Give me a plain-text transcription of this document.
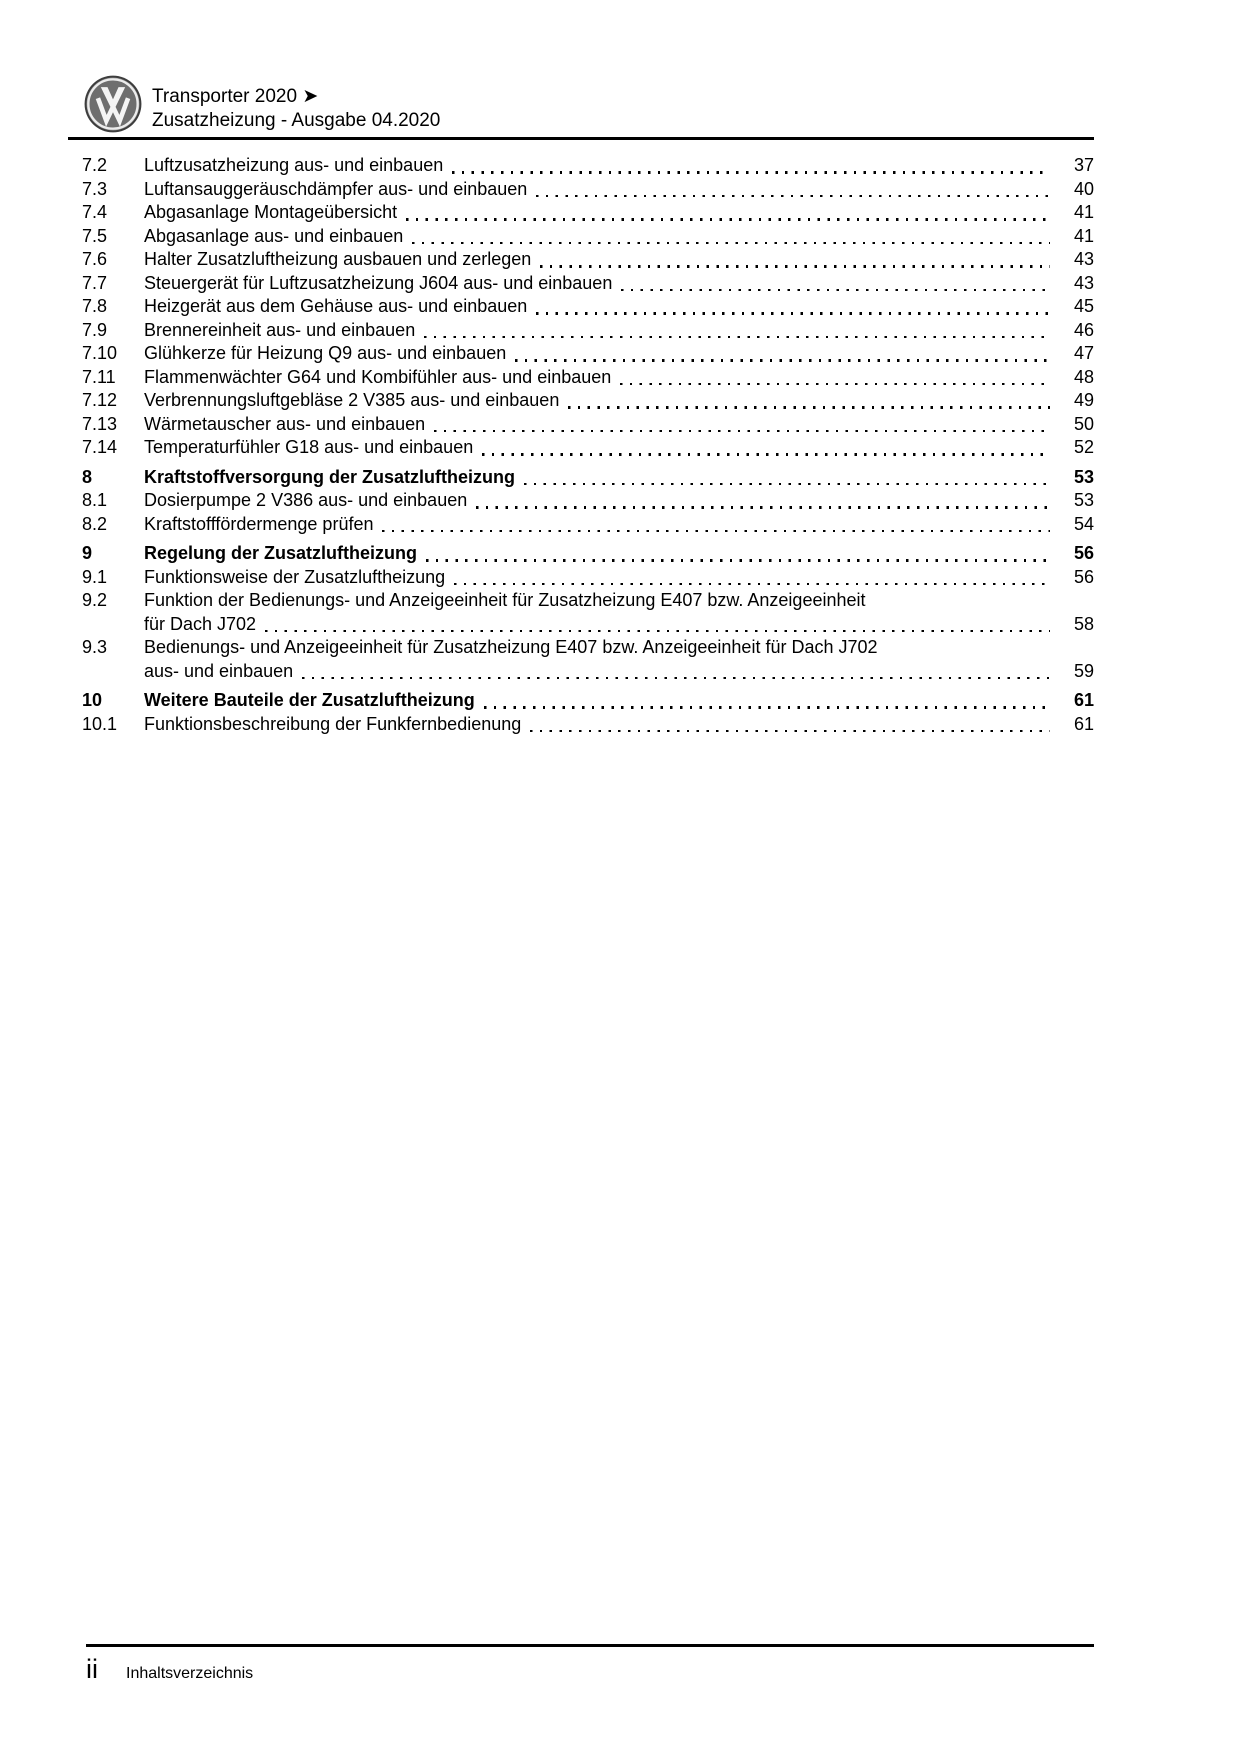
Transporter 2020 ➤
Zusatzheizung - Ausgabe 04.2020
7.2	Luftzusatzheizung aus- und einbauen	37
7.3	Luftansauggeräuschdämpfer aus- und einbauen	40
7.4	Abgasanlage Montageübersicht	41
7.5	Abgasanlage aus- und einbauen	41
7.6	Halter Zusatzluftheizung ausbauen und zerlegen	43
7.7	Steuergerät für Luftzusatzheizung J604 aus- und einbauen	43
7.8	Heizgerät aus dem Gehäuse aus- und einbauen	45
7.9	Brennereinheit aus- und einbauen	46
7.10	Glühkerze für Heizung Q9 aus- und einbauen	47
7.11	Flammenwächter G64 und Kombifühler aus- und einbauen	48
7.12	Verbrennungsluftgebläse 2 V385 aus- und einbauen	49
7.13	Wärmetauscher aus- und einbauen	50
7.14	Temperaturfühler G18 aus- und einbauen	52
8	Kraftstoffversorgung der Zusatzluftheizung	53
8.1	Dosierpumpe 2 V386 aus- und einbauen	53
8.2	Kraftstofffördermenge prüfen	54
9	Regelung der Zusatzluftheizung	56
9.1	Funktionsweise der Zusatzluftheizung	56
9.2	Funktion der Bedienungs- und Anzeigeeinheit für Zusatzheizung E407 bzw. Anzeigeeinheit
für Dach J702	58
9.3	Bedienungs- und Anzeigeeinheit für Zusatzheizung E407 bzw. Anzeigeeinheit für Dach J702
aus- und einbauen	59
10	Weitere Bauteile der Zusatzluftheizung	61
10.1	Funktionsbeschreibung der Funkfernbedienung	61
ii Inhaltsverzeichnis
